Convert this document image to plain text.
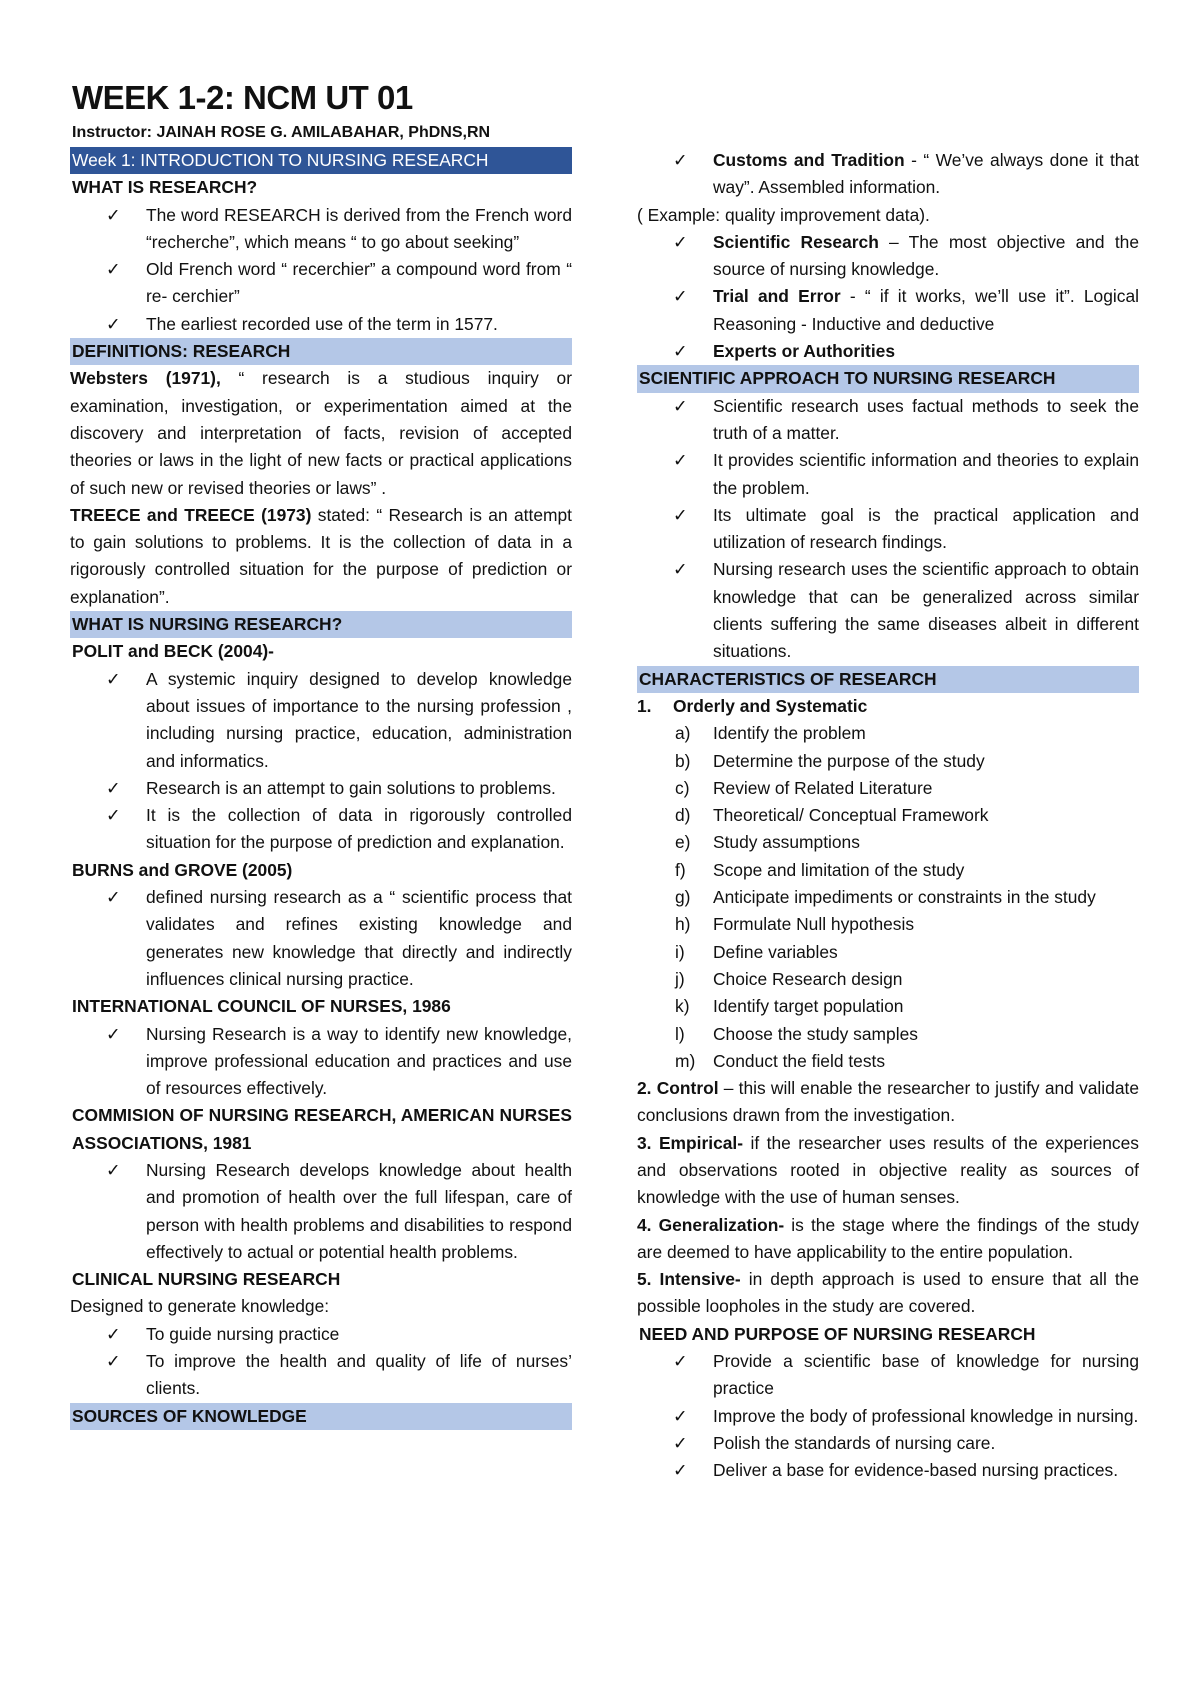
WEEK 1-2: NCM UT 01
Instructor: JAINAH ROSE G. AMILABAHAR, PhDNS,RN
Week 1: INTRODUCTION TO NURSING RESEARCH
WHAT IS RESEARCH?
✓ The word RESEARCH is derived from the French word “recherche”, which means “ to go about seeking”
✓ Old French word “ recerchier” a compound word from “ re- cerchier”
✓ The earliest recorded use of the term in 1577.
DEFINITIONS: RESEARCH
Websters (1971), “ research is a studious inquiry or examination, investigation, or experimentation aimed at the discovery and interpretation of facts, revision of accepted theories or laws in the light of new facts or practical applications of such new or revised theories or laws” .
TREECE and TREECE (1973) stated: “ Research is an attempt to gain solutions to problems. It is the collection of data in a rigorously controlled situation for the purpose of prediction or explanation”.
WHAT IS NURSING RESEARCH?
POLIT and BECK (2004)-
✓ A systemic inquiry designed to develop knowledge about issues of importance to the nursing profession , including nursing practice, education, administration and informatics.
✓ Research is an attempt to gain solutions to problems.
✓ It is the collection of data in rigorously controlled situation for the purpose of prediction and explanation.
BURNS and GROVE (2005)
✓ defined nursing research as a “ scientific process that validates and refines existing knowledge and generates new knowledge that directly and indirectly influences clinical nursing practice.
INTERNATIONAL COUNCIL OF NURSES, 1986
✓ Nursing Research is a way to identify new knowledge, improve professional education and practices and use of resources effectively.
COMMISION OF NURSING RESEARCH, AMERICAN NURSES ASSOCIATIONS, 1981
✓ Nursing Research develops knowledge about health and promotion of health over the full lifespan, care of person with health problems and disabilities to respond effectively to actual or potential health problems.
CLINICAL NURSING RESEARCH
Designed to generate knowledge:
✓ To guide nursing practice
✓ To improve the health and quality of life of nurses’ clients.
SOURCES OF KNOWLEDGE
✓ Customs and Tradition - “ We’ve always done it that way”. Assembled information.
( Example: quality improvement data).
✓ Scientific Research – The most objective and the source of nursing knowledge.
✓ Trial and Error - “ if it works, we’ll use it”. Logical Reasoning - Inductive and deductive
✓ Experts or Authorities
SCIENTIFIC APPROACH TO NURSING RESEARCH
✓ Scientific research uses factual methods to seek the truth of a matter.
✓ It provides scientific information and theories to explain the problem.
✓ Its ultimate goal is the practical application and utilization of research findings.
✓ Nursing research uses the scientific approach to obtain knowledge that can be generalized across similar clients suffering the same diseases albeit in different situations.
CHARACTERISTICS OF RESEARCH
1. Orderly and Systematic
a) Identify the problem
b) Determine the purpose of the study
c) Review of Related Literature
d) Theoretical/ Conceptual Framework
e) Study assumptions
f) Scope and limitation of the study
g) Anticipate impediments or constraints in the study
h) Formulate Null hypothesis
i) Define variables
j) Choice Research design
k) Identify target population
l) Choose the study samples
m) Conduct the field tests
2. Control – this will enable the researcher to justify and validate conclusions drawn from the investigation.
3. Empirical- if the researcher uses results of the experiences and observations rooted in objective reality as sources of knowledge with the use of human senses.
4. Generalization- is the stage where the findings of the study are deemed to have applicability to the entire population.
5. Intensive- in depth approach is used to ensure that all the possible loopholes in the study are covered.
NEED AND PURPOSE OF NURSING RESEARCH
✓ Provide a scientific base of knowledge for nursing practice
✓ Improve the body of professional knowledge in nursing.
✓ Polish the standards of nursing care.
✓ Deliver a base for evidence-based nursing practices.
